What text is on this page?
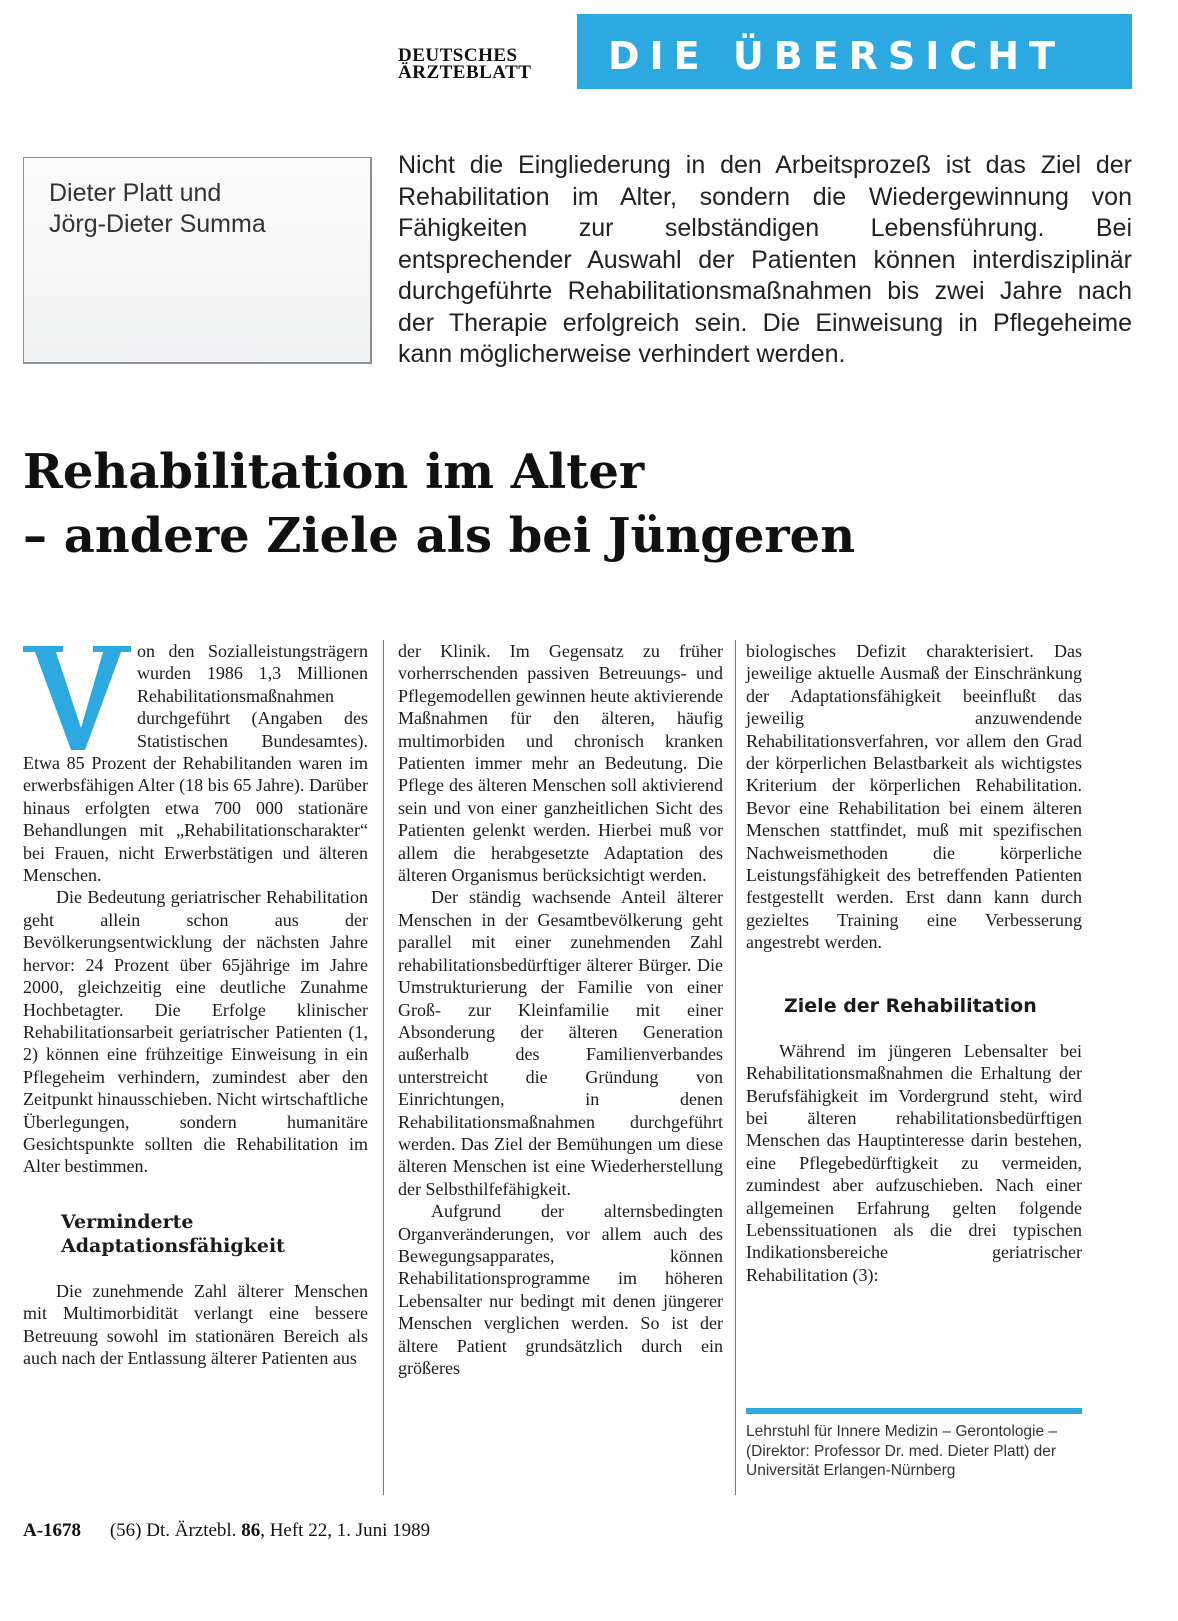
DEUTSCHES
ÄRZTEBLATT	DIE ÜBERSICHT
Dieter Platt und
Jörg-Dieter Summa
Nicht die Eingliederung in den Arbeitsprozeß ist das Ziel der Rehabilitation im Alter, sondern die Wiedergewinnung von Fähigkeiten zur selbständigen Lebensführung. Bei entsprechender Auswahl der Patienten können interdisziplinär durchgeführte Rehabilitationsmaßnahmen bis zwei Jahre nach der Therapie erfolgreich sein. Die Einweisung in Pflegeheime kann möglicherweise verhindert werden.
Rehabilitation im Alter
– andere Ziele als bei Jüngeren

on den Sozialleistungsträgern wurden 1986 1,3 Millionen Rehabilitationsmaßnahmen durchgeführt (Angaben des Statistischen Bundesamtes). Etwa 85 Prozent der Rehabilitanden waren im erwerbsfähigen Alter (18 bis 65 Jahre). Darüber hinaus erfolgten etwa 700 000 stationäre Behandlungen mit „Rehabilitationscharakter“ bei Frauen, nicht Erwerbstätigen und älteren Menschen.

Die Bedeutung geriatrischer Rehabilitation geht allein schon aus der Bevölkerungsentwicklung der nächsten Jahre hervor: 24 Prozent über 65jährige im Jahre 2000, gleichzeitig eine deutliche Zunahme Hochbetagter. Die Erfolge klinischer Rehabilitationsarbeit geriatrischer Patienten (1, 2) können eine frühzeitige Einweisung in ein Pflegeheim verhindern, zumindest aber den Zeitpunkt hinausschieben. Nicht wirtschaftliche Überlegungen, sondern humanitäre Gesichtspunkte sollten die Rehabilitation im Alter bestimmen.

Verminderte
Adaptationsfähigkeit

Die zunehmende Zahl älterer Menschen mit Multimorbidität verlangt eine bessere Betreuung sowohl im stationären Bereich als auch nach der Entlassung älterer Patienten aus

der Klinik. Im Gegensatz zu früher vorherrschenden passiven Betreuungs- und Pflegemodellen gewinnen heute aktivierende Maßnahmen für den älteren, häufig multimorbiden und chronisch kranken Patienten immer mehr an Bedeutung. Die Pflege des älteren Menschen soll aktivierend sein und von einer ganzheitlichen Sicht des Patienten gelenkt werden. Hierbei muß vor allem die herabgesetzte Adaptation des älteren Organismus berücksichtigt werden.

Der ständig wachsende Anteil älterer Menschen in der Gesamtbevölkerung geht parallel mit einer zunehmenden Zahl rehabilitationsbedürftiger älterer Bürger. Die Umstrukturierung der Familie von einer Groß- zur Kleinfamilie mit einer Absonderung der älteren Generation außerhalb des Familienverbandes unterstreicht die Gründung von Einrichtungen, in denen Rehabilitationsmaßnahmen durchgeführt werden. Das Ziel der Bemühungen um diese älteren Menschen ist eine Wiederherstellung der Selbsthilfefähigkeit.

Aufgrund der alternsbedingten Organveränderungen, vor allem auch des Bewegungsapparates, können Rehabilitationsprogramme im höheren Lebensalter nur bedingt mit denen jüngerer Menschen verglichen werden. So ist der ältere Patient grundsätzlich durch ein größeres

biologisches Defizit charakterisiert. Das jeweilige aktuelle Ausmaß der Einschränkung der Adaptationsfähigkeit beeinflußt das jeweilig anzuwendende Rehabilitationsverfahren, vor allem den Grad der körperlichen Belastbarkeit als wichtigstes Kriterium der körperlichen Rehabilitation. Bevor eine Rehabilitation bei einem älteren Menschen stattfindet, muß mit spezifischen Nachweismethoden die körperliche Leistungsfähigkeit des betreffenden Patienten festgestellt werden. Erst dann kann durch gezieltes Training eine Verbesserung angestrebt werden.

Ziele der Rehabilitation

Während im jüngeren Lebensalter bei Rehabilitationsmaßnahmen die Erhaltung der Berufsfähigkeit im Vordergrund steht, wird bei älteren rehabilitationsbedürftigen Menschen das Hauptinteresse darin bestehen, eine Pflegebedürftigkeit zu vermeiden, zumindest aber aufzuschieben. Nach einer allgemeinen Erfahrung gelten folgende Lebenssituationen als die drei typischen Indikationsbereiche geriatrischer Rehabilitation (3):

Lehrstuhl für Innere Medizin – Gerontologie – (Direktor: Professor Dr. med. Dieter Platt) der Universität Erlangen-Nürnberg
A-1678 (56) Dt. Ärztebl. 86, Heft 22, 1. Juni 1989
